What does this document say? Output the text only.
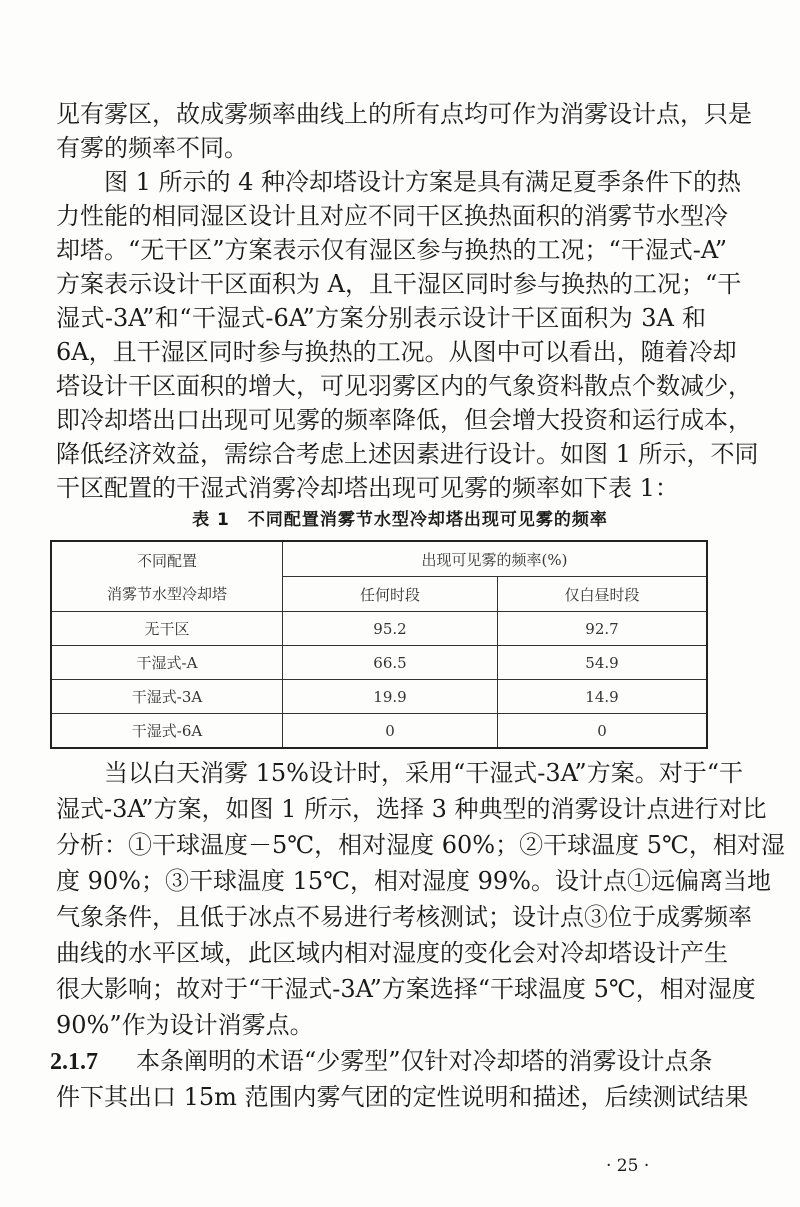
见有雾区，故成雾频率曲线上的所有点均可作为消雾设计点，只是
有雾的频率不同。
图 1 所示的 4 种冷却塔设计方案是具有满足夏季条件下的热
力性能的相同湿区设计且对应不同干区换热面积的消雾节水型冷
却塔。“无干区”方案表示仅有湿区参与换热的工况；“干湿式-A”
方案表示设计干区面积为 A，且干湿区同时参与换热的工况；“干
湿式-3A”和“干湿式-6A”方案分别表示设计干区面积为 3A 和
6A，且干湿区同时参与换热的工况。从图中可以看出，随着冷却
塔设计干区面积的增大，可见羽雾区内的气象资料散点个数减少，
即冷却塔出口出现可见雾的频率降低，但会增大投资和运行成本，
降低经济效益，需综合考虑上述因素进行设计。如图 1 所示，不同
干区配置的干湿式消雾冷却塔出现可见雾的频率如下表 1：
表 1　不同配置消雾节水型冷却塔出现可见雾的频率
不同配置
消雾节水型冷却塔	出现可见雾的频率(%)	
	任何时段	仅白昼时段
无干区	95.2	92.7
干湿式-A	66.5	54.9
干湿式-3A	19.9	14.9
干湿式-6A	0	0
当以白天消雾 15%设计时，采用“干湿式-3A”方案。对于“干
湿式-3A”方案，如图 1 所示，选择 3 种典型的消雾设计点进行对比
分析：①干球温度－5℃，相对湿度 60%；②干球温度 5℃，相对湿
度 90%；③干球温度 15℃，相对湿度 99%。设计点①远偏离当地
气象条件，且低于冰点不易进行考核测试；设计点③位于成雾频率
曲线的水平区域，此区域内相对湿度的变化会对冷却塔设计产生
很大影响；故对于“干湿式-3A”方案选择“干球温度 5℃，相对湿度
90%”作为设计消雾点。
2.1.7	本条阐明的术语“少雾型”仅针对冷却塔的消雾设计点条
件下其出口 15m 范围内雾气团的定性说明和描述，后续测试结果
· 25 ·
